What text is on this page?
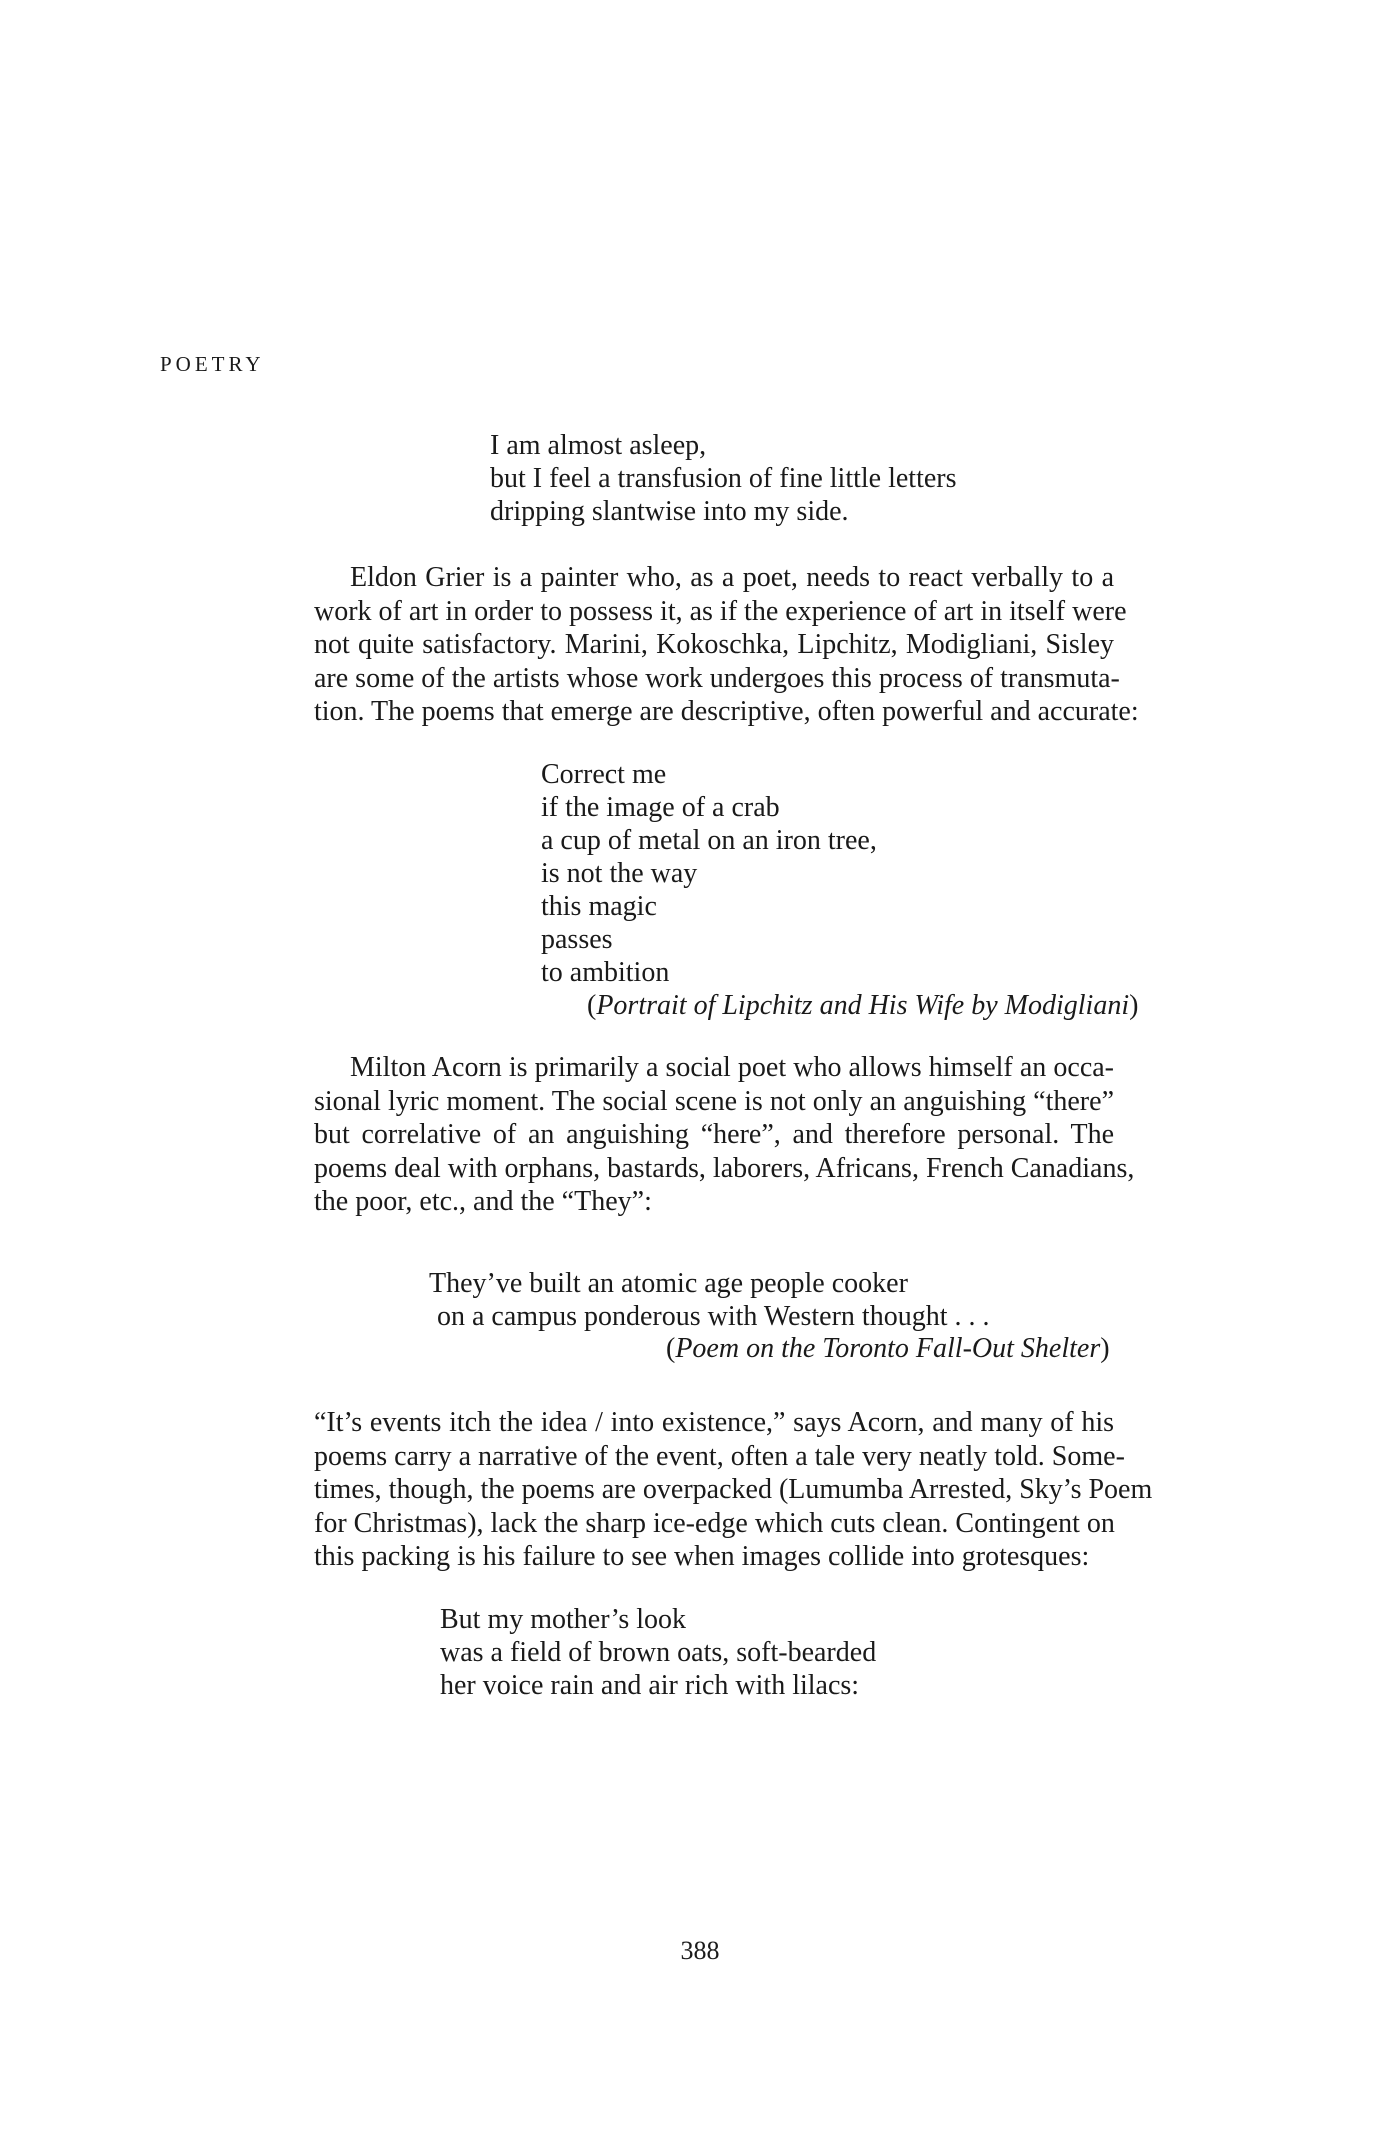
POETRY

I am almost asleep,
but I feel a transfusion of fine little letters
dripping slantwise into my side.
Eldon Grier is a painter who, as a poet, needs to react verbally to a
work of art in order to possess it, as if the experience of art in itself were
not quite satisfactory. Marini, Kokoschka, Lipchitz, Modigliani, Sisley
are some of the artists whose work undergoes this process of transmuta-
tion. The poems that emerge are descriptive, often powerful and accurate:
Correct me
if the image of a crab
a cup of metal on an iron tree,
is not the way
this magic
passes
to ambition

(Portrait of Lipchitz and His Wife by Modigliani)

Milton Acorn is primarily a social poet who allows himself an occa-
sional lyric moment. The social scene is not only an anguishing “there”
but correlative of an anguishing “here”, and therefore personal. The
poems deal with orphans, bastards, laborers, Africans, French Canadians,
the poor, etc., and the “They”:
They’ve built an atomic age people cooker
on a campus ponderous with Western thought . . .

(Poem on the Toronto Fall-Out Shelter)

“It’s events itch the idea / into existence,” says Acorn, and many of his
poems carry a narrative of the event, often a tale very neatly told. Some-
times, though, the poems are overpacked (Lumumba Arrested, Sky’s Poem
for Christmas), lack the sharp ice-edge which cuts clean. Contingent on
this packing is his failure to see when images collide into grotesques:
But my mother’s look
was a field of brown oats, soft-bearded
her voice rain and air rich with lilacs:

388
